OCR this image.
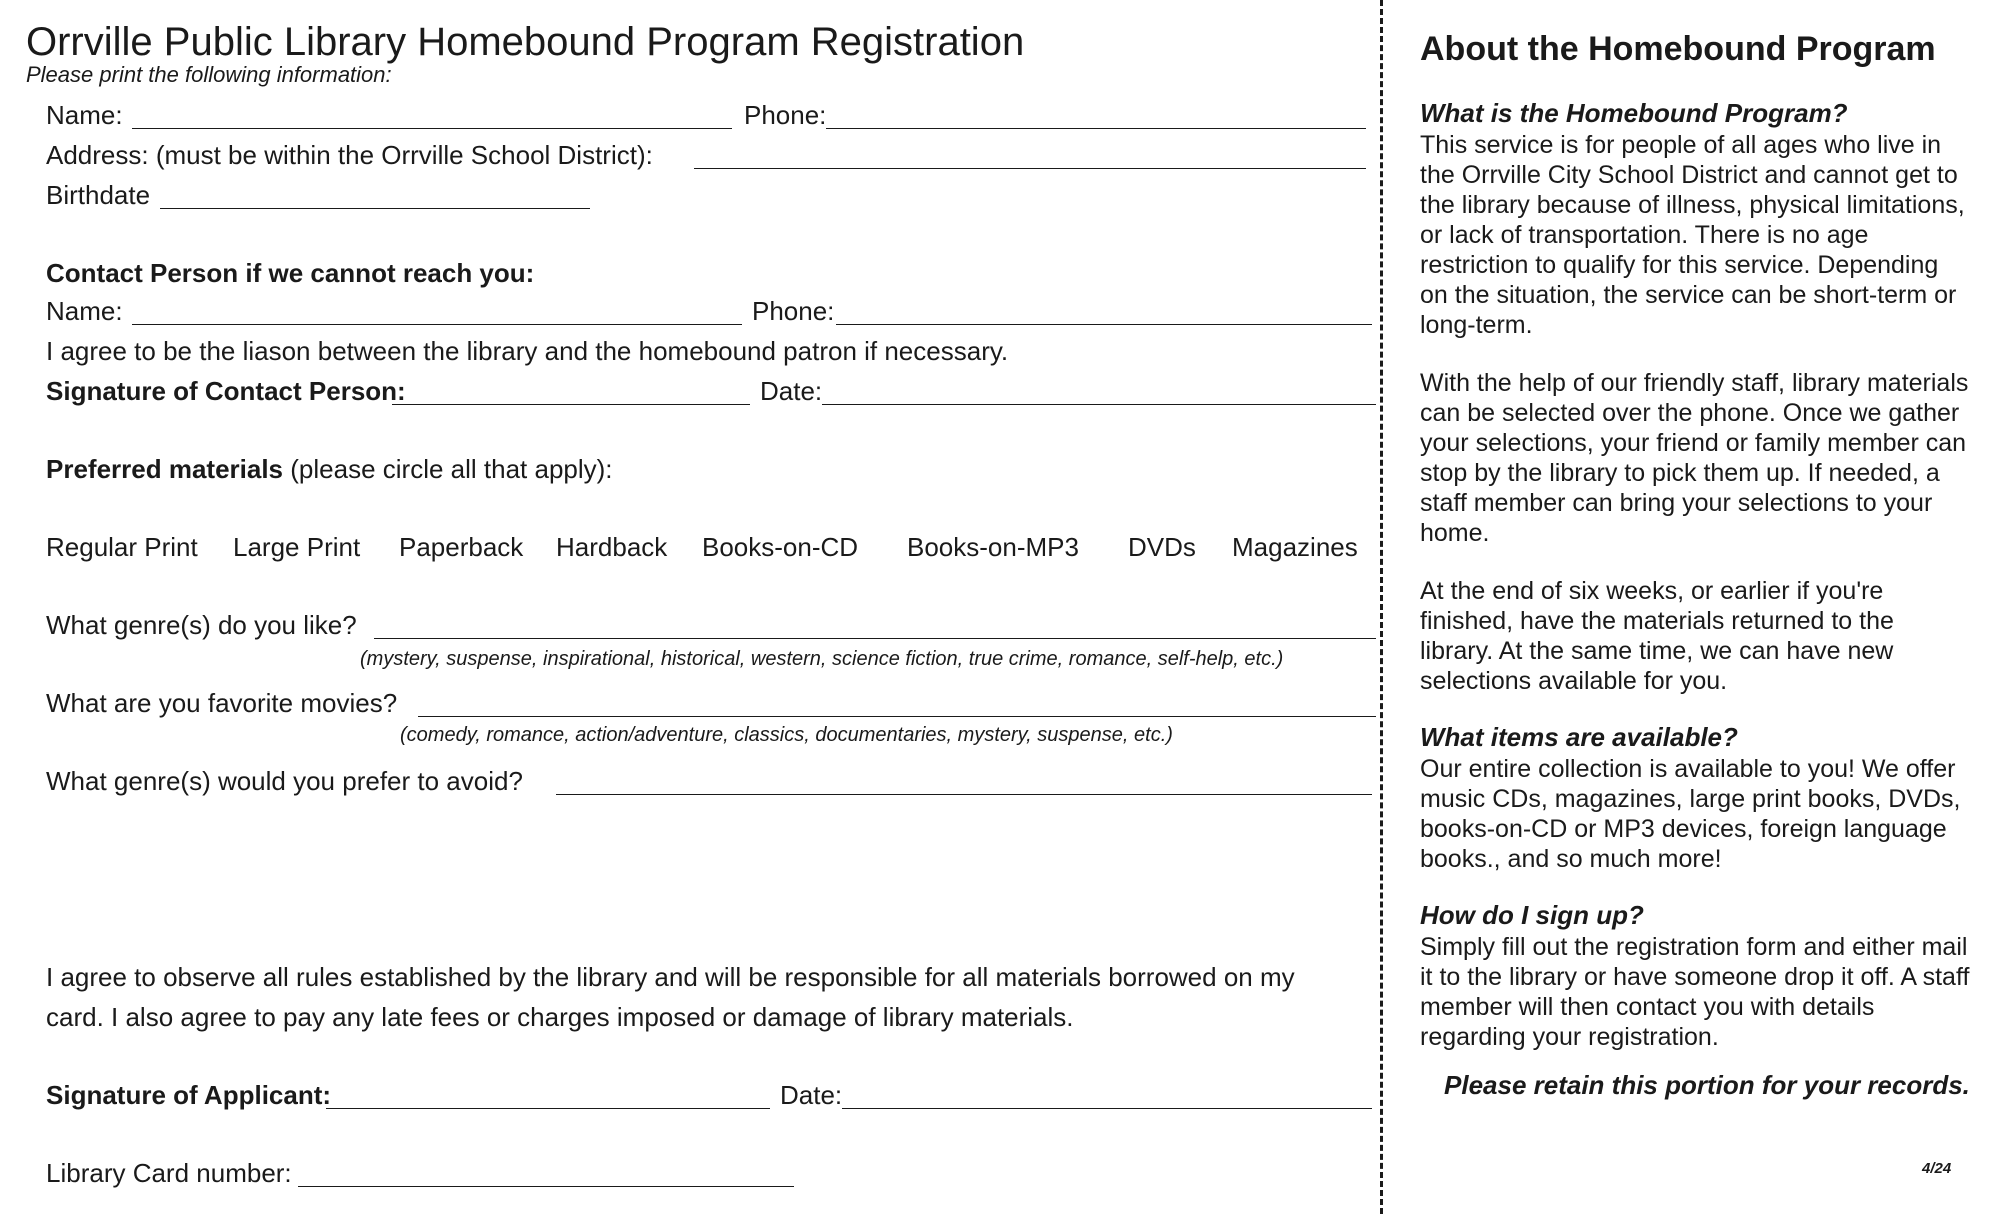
Orrville Public Library Homebound Program Registration
Please print the following information:
Name:	Phone:
Address: (must be within the Orrville School District):
Birthdate
Contact Person if we cannot reach you:
Name:	Phone:
I agree to be the liason between the library and the homebound patron if necessary.
Signature of Contact Person:	Date:
Preferred materials (please circle all that apply):
Regular Print Large Print Paperback Hardback Books-on-CD Books-on-MP3 DVDs Magazines
What genre(s) do you like?
(mystery, suspense, inspirational, historical, western, science fiction, true crime, romance, self-help, etc.)
What are you favorite movies?
(comedy, romance, action/adventure, classics, documentaries, mystery, suspense, etc.)
What genre(s) would you prefer to avoid?
I agree to observe all rules established by the library and will be responsible for all materials borrowed on my
card. I also agree to pay any late fees or charges imposed or damage of library materials.
Signature of Applicant:	Date:
Library Card number:
About the Homebound Program
What is the Homebound Program?
This service is for people of all ages who live in the Orrville City School District and cannot get to the library because of illness, physical limitations, or lack of transportation. There is no age restriction to qualify for this service. Depending on the situation, the service can be short-term or long-term.
With the help of our friendly staff, library materials can be selected over the phone. Once we gather your selections, your friend or family member can stop by the library to pick them up. If needed, a staff member can bring your selections to your home.
At the end of six weeks, or earlier if you're finished, have the materials returned to the library. At the same time, we can have new selections available for you.
What items are available?
Our entire collection is available to you! We offer music CDs, magazines, large print books, DVDs, books-on-CD or MP3 devices, foreign language books., and so much more!
How do I sign up?
Simply fill out the registration form and either mail it to the library or have someone drop it off. A staff member will then contact you with details regarding your registration.
Please retain this portion for your records.
4/24
